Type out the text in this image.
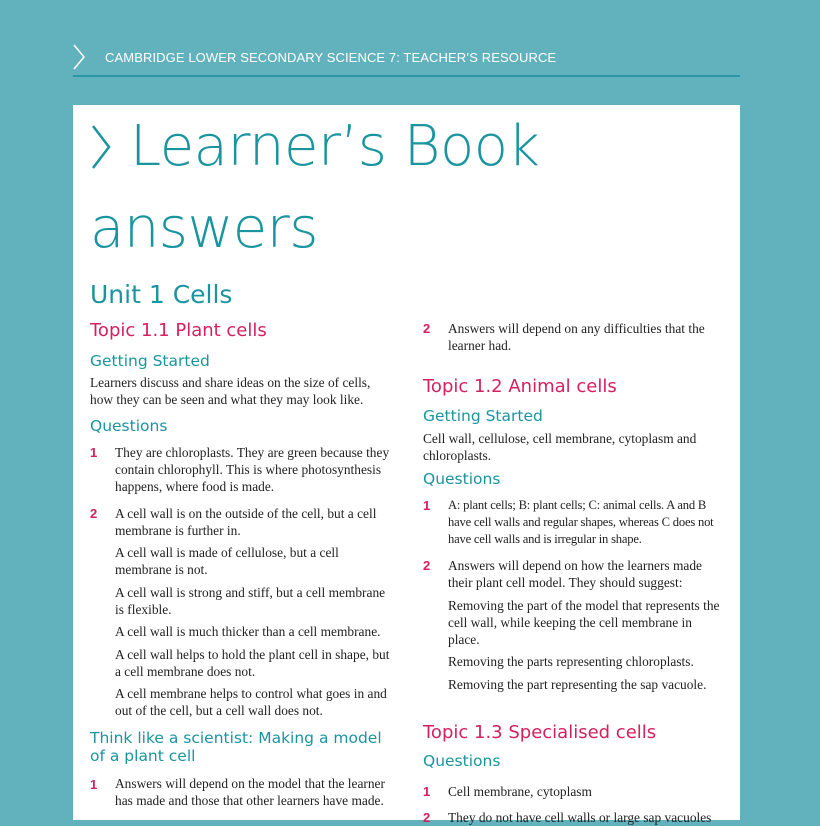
CAMBRIDGE LOWER SECONDARY SCIENCE 7: TEACHER’S RESOURCE
Learner’s Book
answers
Unit 1 Cells
Topic 1.1 Plant cells
Getting Started
Learners discuss and share ideas on the size of cells, how they can be seen and what they may look like.
Questions
1 They are chloroplasts. They are green because they contain chlorophyll. This is where photosynthesis happens, where food is made.
2 A cell wall is on the outside of the cell, but a cell membrane is further in.
A cell wall is made of cellulose, but a cell membrane is not.
A cell wall is strong and stiff, but a cell membrane is flexible.
A cell wall is much thicker than a cell membrane.
A cell wall helps to hold the plant cell in shape, but a cell membrane does not.
A cell membrane helps to control what goes in and out of the cell, but a cell wall does not.
Think like a scientist: Making a model of a plant cell
1 Answers will depend on the model that the learner has made and those that other learners have made.
2 Answers will depend on any difficulties that the learner had.
Topic 1.2 Animal cells
Getting Started
Cell wall, cellulose, cell membrane, cytoplasm and chloroplasts.
Questions
1 A: plant cells; B: plant cells; C: animal cells. A and B have cell walls and regular shapes, whereas C does not have cell walls and is irregular in shape.
2 Answers will depend on how the learners made their plant cell model. They should suggest:
Removing the part of the model that represents the cell wall, while keeping the cell membrane in place.
Removing the parts representing chloroplasts.
Removing the part representing the sap vacuole.
Topic 1.3 Specialised cells
Questions
1 Cell membrane, cytoplasm
2 They do not have cell walls or large sap vacuoles
